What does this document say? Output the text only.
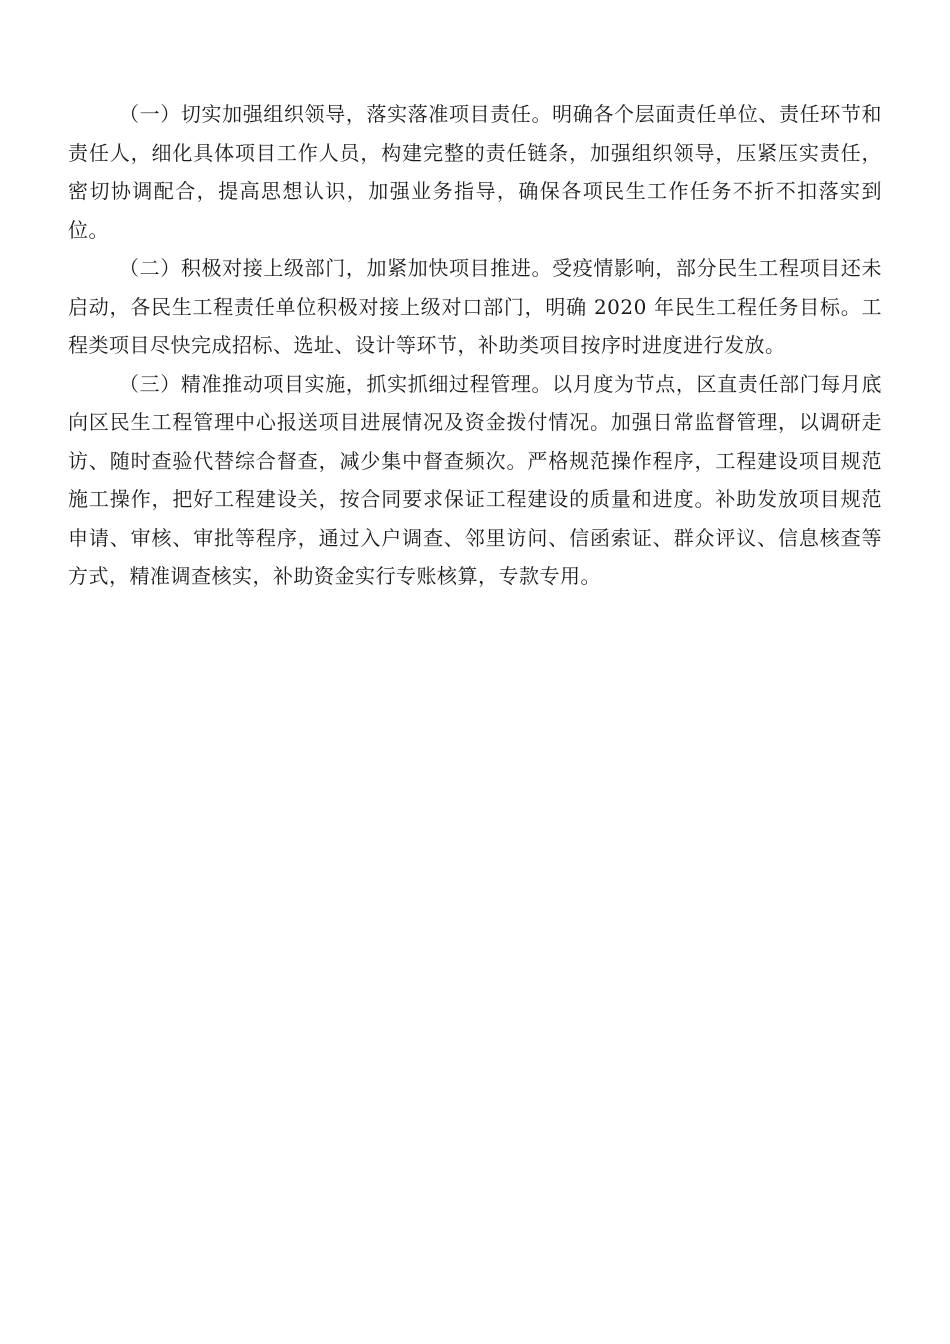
（一）切实加强组织领导，落实落准项目责任。明确各个层面责任单位、责任环节和责任人，细化具体项目工作人员，构建完整的责任链条，加强组织领导，压紧压实责任，密切协调配合，提高思想认识，加强业务指导，确保各项民生工作任务不折不扣落实到位。

（二）积极对接上级部门，加紧加快项目推进。受疫情影响，部分民生工程项目还未启动，各民生工程责任单位积极对接上级对口部门，明确 2020 年民生工程任务目标。工程类项目尽快完成招标、选址、设计等环节，补助类项目按序时进度进行发放。

（三）精准推动项目实施，抓实抓细过程管理。以月度为节点，区直责任部门每月底向区民生工程管理中心报送项目进展情况及资金拨付情况。加强日常监督管理，以调研走访、随时查验代替综合督查，减少集中督查频次。严格规范操作程序，工程建设项目规范施工操作，把好工程建设关，按合同要求保证工程建设的质量和进度。补助发放项目规范申请、审核、审批等程序，通过入户调查、邻里访问、信函索证、群众评议、信息核查等方式，精准调查核实，补助资金实行专账核算，专款专用。
